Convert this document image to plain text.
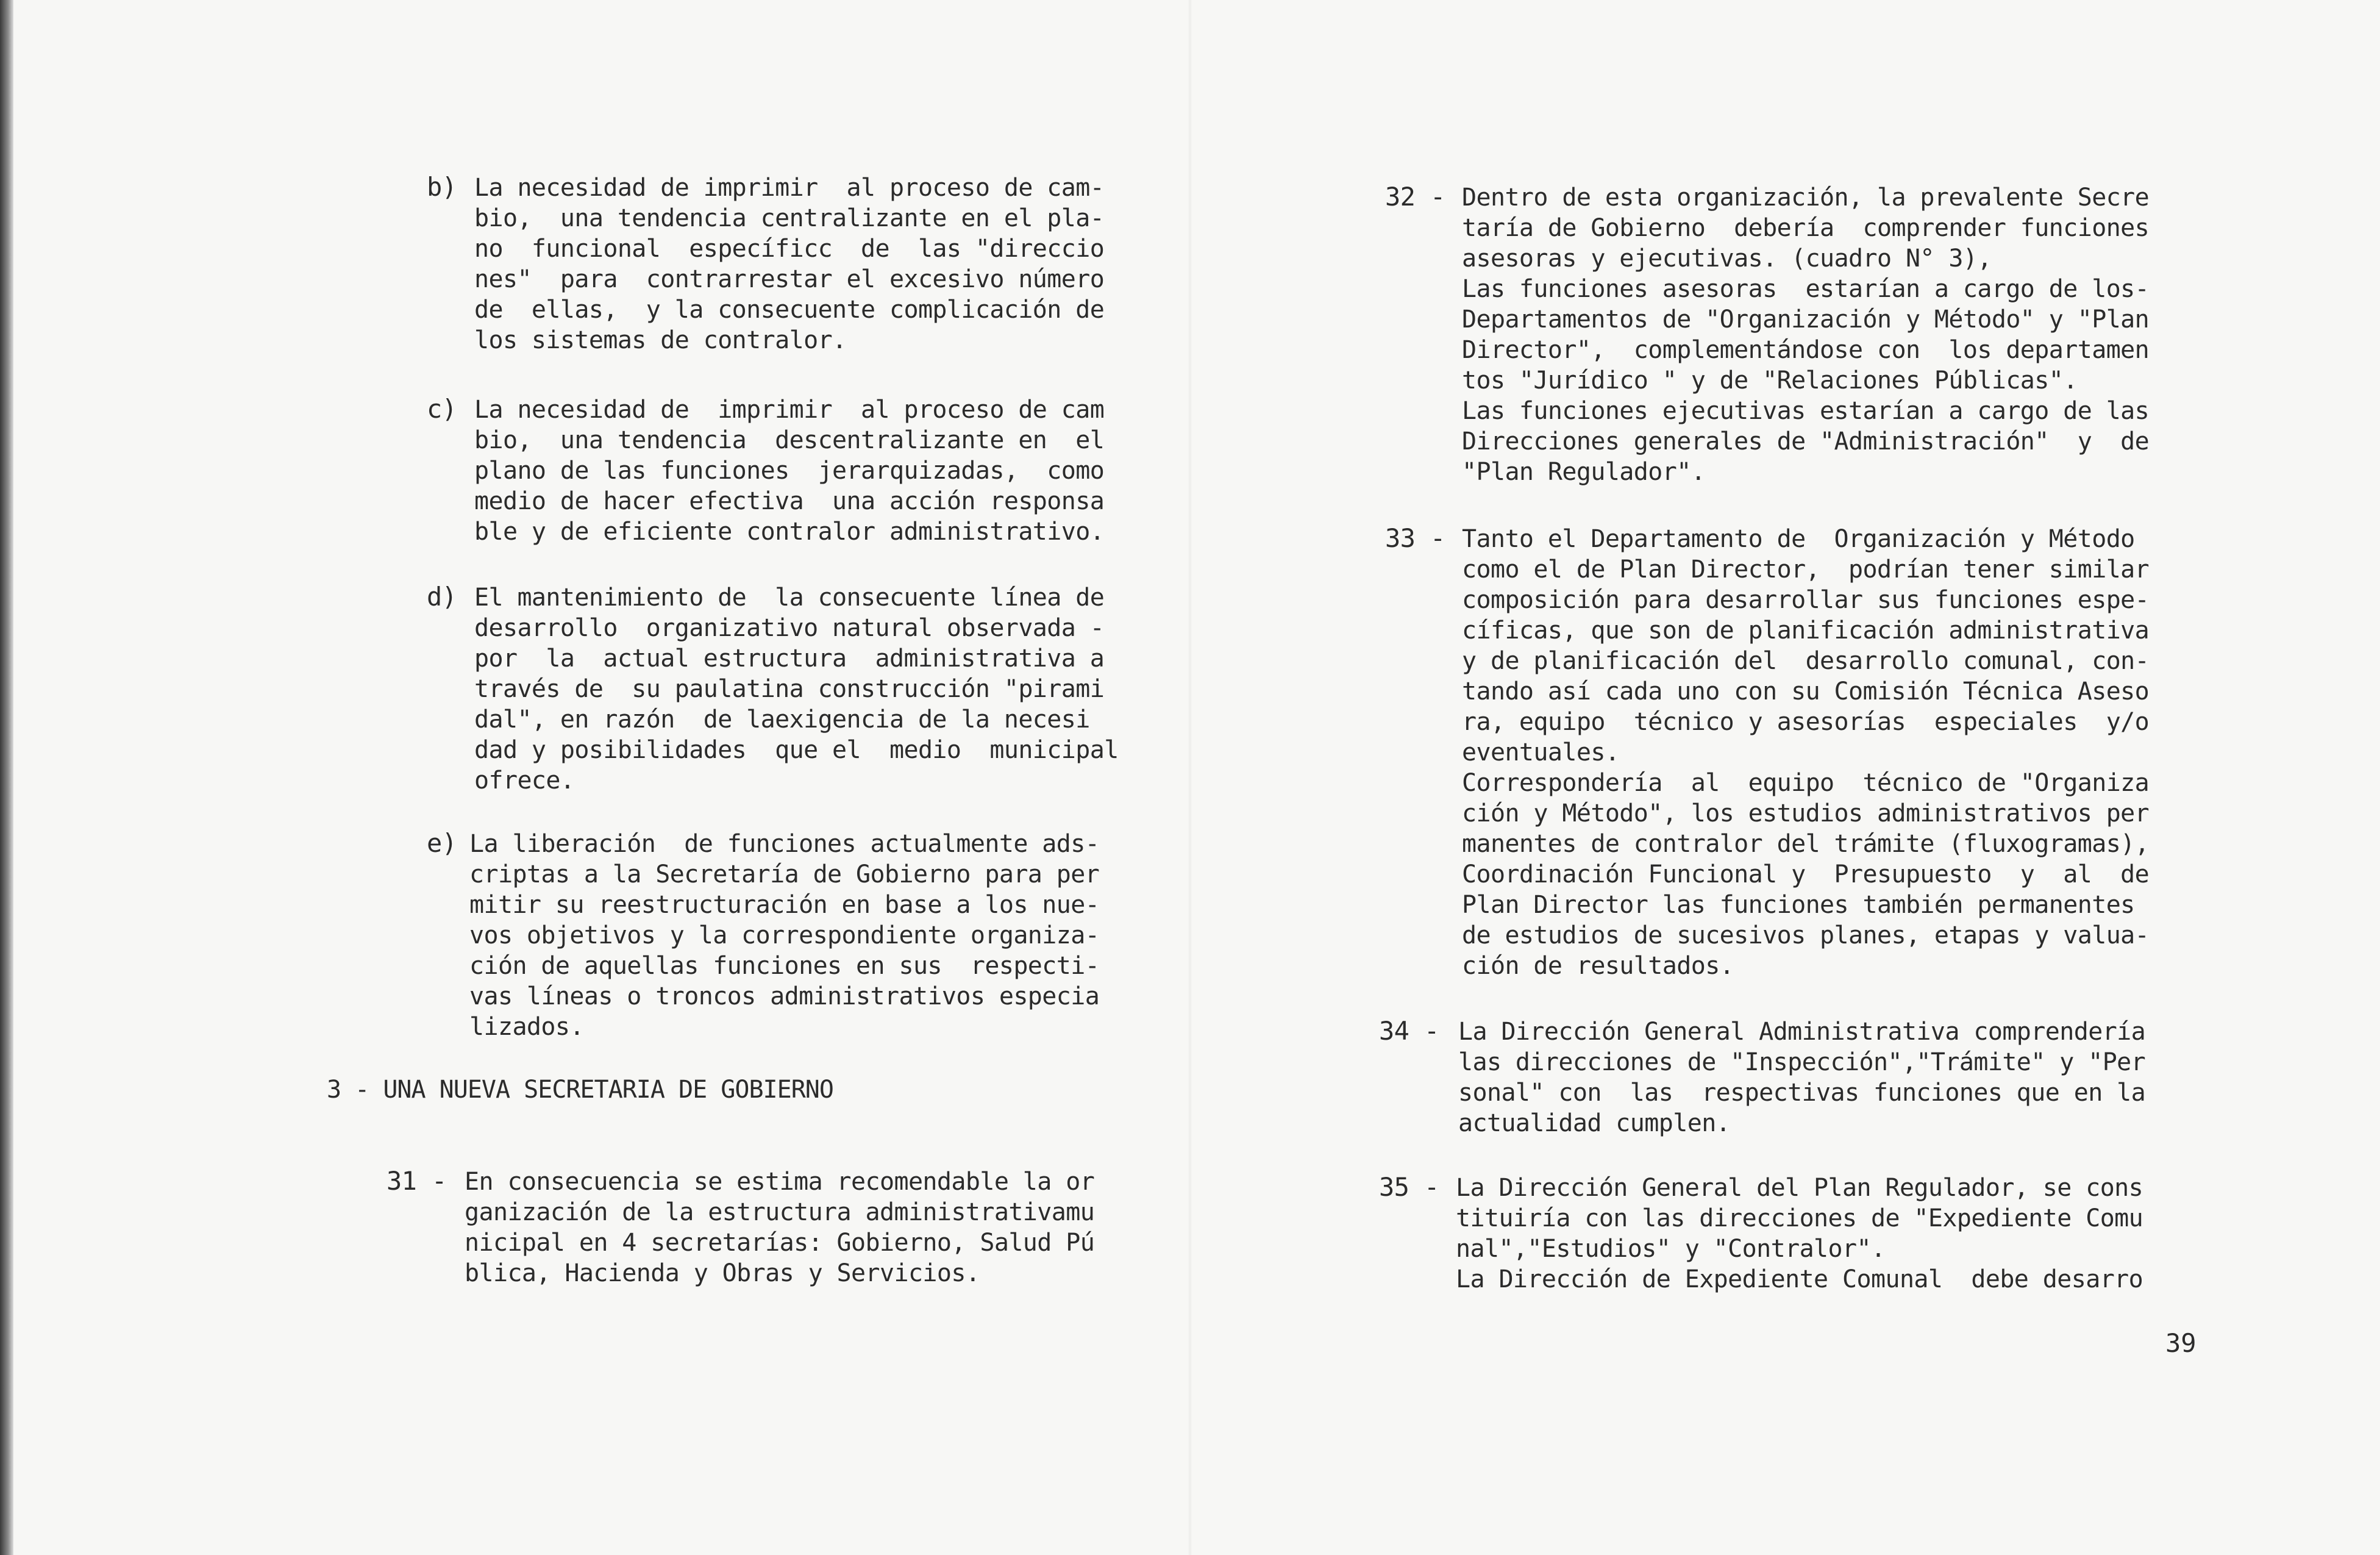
b) La necesidad de imprimir  al proceso de cam-
bio,  una tendencia centralizante en el pla-
no  funcional  específicc  de  las "direccio
nes"  para  contrarrestar el excesivo número
de  ellas,  y la consecuente complicación de
los sistemas de contralor.
c) La necesidad de  imprimir  al proceso de cam
bio,  una tendencia  descentralizante en  el
plano de las funciones  jerarquizadas,  como
medio de hacer efectiva  una acción responsa
ble y de eficiente contralor administrativo.
d) El mantenimiento de  la consecuente línea de
desarrollo  organizativo natural observada -
por  la  actual estructura  administrativa a
través de  su paulatina construcción "pirami
dal", en razón  de laexigencia de la necesi
dad y posibilidades  que el  medio  municipal
ofrece.
e) La liberación  de funciones actualmente ads-
criptas a la Secretaría de Gobierno para per
mitir su reestructuración en base a los nue-
vos objetivos y la correspondiente organiza-
ción de aquellas funciones en sus  respecti-
vas líneas o troncos administrativos especia
lizados.
3 - UNA NUEVA SECRETARIA DE GOBIERNO
31 - En consecuencia se estima recomendable la or
ganización de la estructura administrativamu
nicipal en 4 secretarías: Gobierno, Salud Pú
blica, Hacienda y Obras y Servicios.
32 - Dentro de esta organización, la prevalente Secre
taría de Gobierno  debería  comprender funciones
asesoras y ejecutivas. (cuadro N° 3),
Las funciones asesoras  estarían a cargo de los-
Departamentos de "Organización y Método" y "Plan
Director",  complementándose con  los departamen
tos "Jurídico " y de "Relaciones Públicas".
Las funciones ejecutivas estarían a cargo de las
Direcciones generales de "Administración"  y  de
"Plan Regulador".
33 - Tanto el Departamento de  Organización y Método
como el de Plan Director,  podrían tener similar
composición para desarrollar sus funciones espe-
cíficas, que son de planificación administrativa
y de planificación del  desarrollo comunal, con-
tando así cada uno con su Comisión Técnica Aseso
ra, equipo  técnico y asesorías  especiales  y/o
eventuales.
Correspondería  al  equipo  técnico de "Organiza
ción y Método", los estudios administrativos per
manentes de contralor del trámite (fluxogramas),
Coordinación Funcional y  Presupuesto  y  al  de
Plan Director las funciones también permanentes
de estudios de sucesivos planes, etapas y valua-
ción de resultados.
34 - La Dirección General Administrativa comprendería
las direcciones de "Inspección","Trámite" y "Per
sonal" con  las  respectivas funciones que en la
actualidad cumplen.
35 - La Dirección General del Plan Regulador, se cons
tituiría con las direcciones de "Expediente Comu
nal","Estudios" y "Contralor".
La Dirección de Expediente Comunal  debe desarro
39
